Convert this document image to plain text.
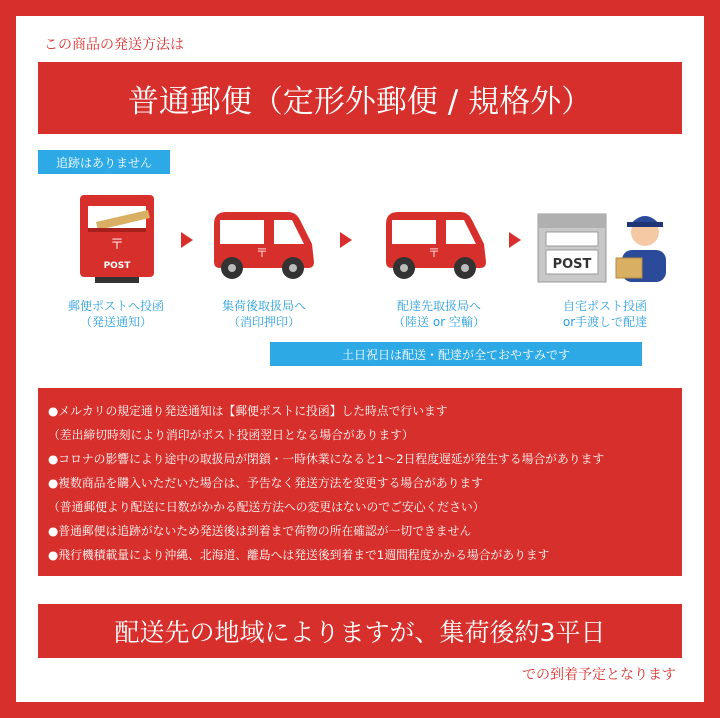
この商品の発送方法は
普通郵便（定形外郵便 / 規格外）
追跡はありません
〒
POST
〒	〒
POST
郵便ポストへ投函
（発送通知）
集荷後取扱局へ
（消印押印）
配達先取扱局へ
（陸送 or 空輸）
自宅ポスト投函
or手渡しで配達
土日祝日は配送・配達が全ておやすみです
●メルカリの規定通り発送通知は【郵便ポストに投函】した時点で行います
（差出締切時刻により消印がポスト投函翌日となる場合があります）
●コロナの影響により途中の取扱局が閉鎖・一時休業になると1〜2日程度遅延が発生する場合があります
●複数商品を購入いただいた場合は、予告なく発送方法を変更する場合があります
（普通郵便より配送に日数がかかる配送方法への変更はないのでご安心ください）
●普通郵便は追跡がないため発送後は到着まで荷物の所在確認が一切できません
●飛行機積載量により沖縄、北海道、離島へは発送後到着まで1週間程度かかる場合があります
配送先の地域によりますが、集荷後約3平日
での到着予定となります
